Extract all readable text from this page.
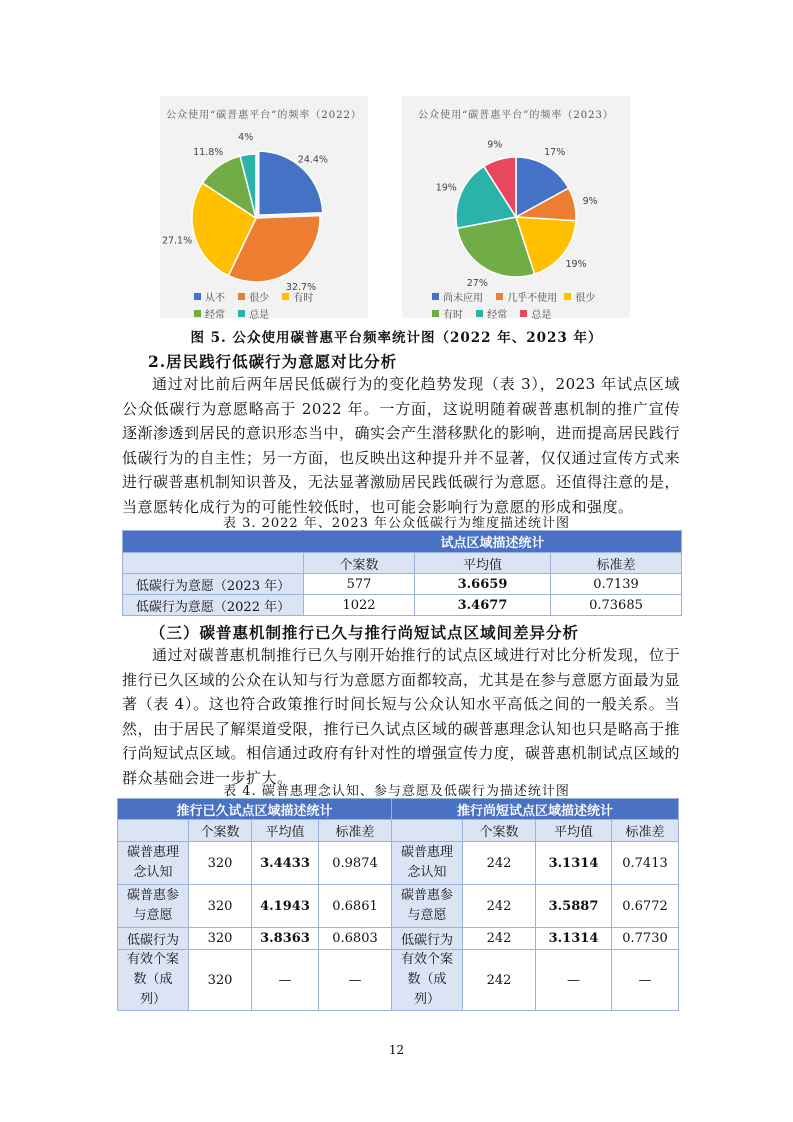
公众使用“碳普惠平台”的频率（2022）
24.4%
32.7%
27.1%
11.8%
4%
从不
很少
有时
经常
总是
公众使用“碳普惠平台”的频率（2023）
17%
9%
19%
27%
19%
9%
尚未应用
几乎不使用
很少
有时
经常
总是
图 5. 公众使用碳普惠平台频率统计图（2022 年、2023 年）
2.居民践行低碳行为意愿对比分析
通过对比前后两年居民低碳行为的变化趋势发现（表 3），2023 年试点区域公众低碳行为意愿略高于 2022 年。一方面，这说明随着碳普惠机制的推广宣传逐渐渗透到居民的意识形态当中，确实会产生潜移默化的影响，进而提高居民践行低碳行为的自主性；另一方面，也反映出这种提升并不显著，仅仅通过宣传方式来进行碳普惠机制知识普及，无法显著激励居民践低碳行为意愿。还值得注意的是，当意愿转化成行为的可能性较低时，也可能会影响行为意愿的形成和强度。
表 3. 2022 年、2023 年公众低碳行为维度描述统计图
	试点区域描述统计		
	个案数	平均值	标准差
低碳行为意愿（2023 年）	577	3.6659	0.7139
低碳行为意愿（2022 年）	1022	3.4677	0.73685
（三）碳普惠机制推行已久与推行尚短试点区域间差异分析
通过对碳普惠机制推行已久与刚开始推行的试点区域进行对比分析发现，位于推行已久区域的公众在认知与行为意愿方面都较高，尤其是在参与意愿方面最为显著（表 4）。这也符合政策推行时间长短与公众认知水平高低之间的一般关系。当然，由于居民了解渠道受限，推行已久试点区域的碳普惠理念认知也只是略高于推行尚短试点区域。相信通过政府有针对性的增强宣传力度，碳普惠机制试点区域的群众基础会进一步扩大。
表 4. 碳普惠理念认知、参与意愿及低碳行为描述统计图
推行已久试点区域描述统计				推行尚短试点区域描述统计			
	个案数	平均值	标准差		个案数	平均值	标准差
碳普惠理念认知	320	3.4433	0.9874	碳普惠理念认知	242	3.1314	0.7413
碳普惠参与意愿	320	4.1943	0.6861	碳普惠参与意愿	242	3.5887	0.6772
低碳行为	320	3.8363	0.6803	低碳行为	242	3.1314	0.7730
有效个案数（成列）	320	—	—	有效个案数（成列）	242	—	—
12
